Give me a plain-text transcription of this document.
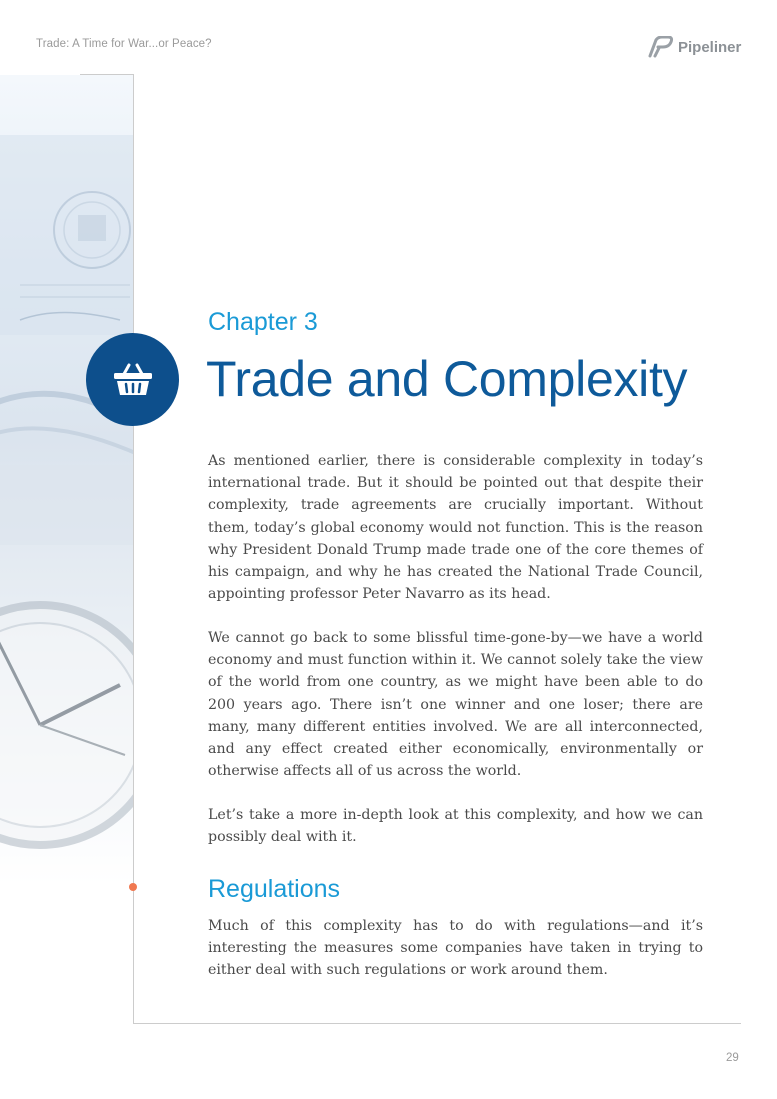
Trade: A Time for War...or Peace?	Pipeliner
Chapter 3
Trade and Complexity

As mentioned earlier, there is considerable complexity in today’s international trade. But it should be pointed out that despite their complexity, trade agreements are crucially important. Without them, today’s global economy would not function. This is the reason why President Donald Trump made trade one of the core themes of his campaign, and why he has created the National Trade Council, appointing professor Peter Navarro as its head.

We cannot go back to some blissful time-gone-by—we have a world economy and must function within it. We cannot solely take the view of the world from one country, as we might have been able to do 200 years ago. There isn’t one winner and one loser; there are many, many different entities involved. We are all interconnected, and any effect created either economically, environmentally or otherwise affects all of us across the world.

Let’s take a more in-depth look at this complexity, and how we can possibly deal with it.

Regulations

Much of this complexity has to do with regulations—and it’s interesting the measures some companies have taken in trying to either deal with such regulations or work around them.

29
